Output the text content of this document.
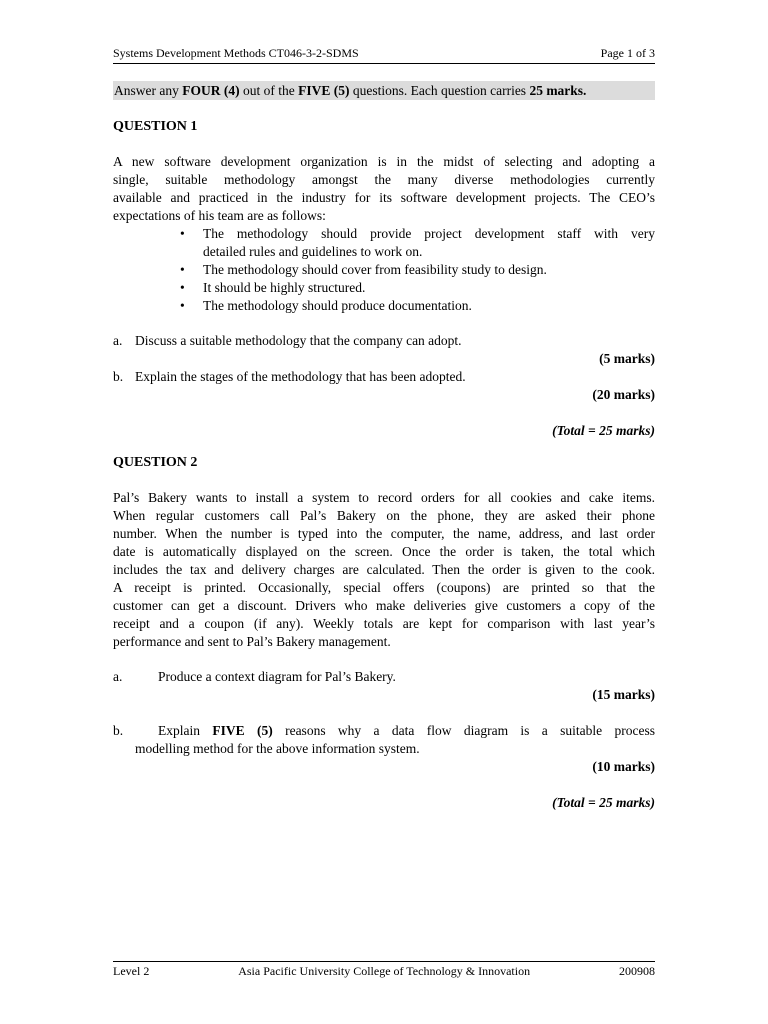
Systems Development Methods CT046-3-2-SDMS	Page 1 of 3
Answer any FOUR (4) out of the FIVE (5) questions. Each question carries 25 marks.
QUESTION 1
A new software development organization is in the midst of selecting and adopting a
single, suitable methodology amongst the many diverse methodologies currently
available and practiced in the industry for its software development projects. The CEO’s
expectations of his team are as follows:
• The methodology should provide project development staff with very
detailed rules and guidelines to work on.
• The methodology should cover from feasibility study to design.
• It should be highly structured.
• The methodology should produce documentation.
a. Discuss a suitable methodology that the company can adopt.
(5 marks)
b. Explain the stages of the methodology that has been adopted.
(20 marks)
(Total = 25 marks)
QUESTION 2
Pal’s Bakery wants to install a system to record orders for all cookies and cake items.
When regular customers call Pal’s Bakery on the phone, they are asked their phone
number. When the number is typed into the computer, the name, address, and last order
date is automatically displayed on the screen. Once the order is taken, the total which
includes the tax and delivery charges are calculated. Then the order is given to the cook.
A receipt is printed. Occasionally, special offers (coupons) are printed so that the
customer can get a discount. Drivers who make deliveries give customers a copy of the
receipt and a coupon (if any). Weekly totals are kept for comparison with last year’s
performance and sent to Pal’s Bakery management.
a.	Produce a context diagram for Pal’s Bakery.
(15 marks)
b.	Explain FIVE (5) reasons why a data flow diagram is a suitable process
modelling method for the above information system.
(10 marks)
(Total = 25 marks)
Level 2	Asia Pacific University College of Technology & Innovation	200908
